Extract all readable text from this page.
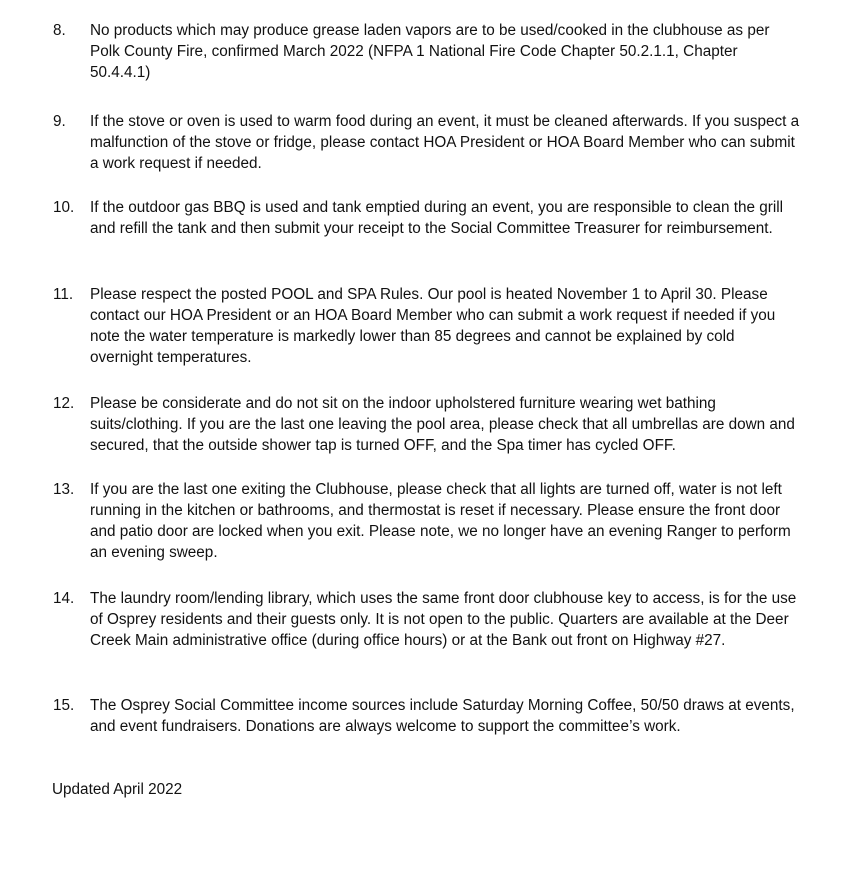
8. No products which may produce grease laden vapors are to be used/cooked in the clubhouse as per Polk County Fire, confirmed March 2022 (NFPA 1 National Fire Code Chapter 50.2.1.1, Chapter 50.4.4.1)
9. If the stove or oven is used to warm food during an event, it must be cleaned afterwards. If you suspect a malfunction of the stove or fridge, please contact HOA President or HOA Board Member who can submit a work request if needed.
10. If the outdoor gas BBQ is used and tank emptied during an event, you are responsible to clean the grill and refill the tank and then submit your receipt to the Social Committee Treasurer for reimbursement.
11. Please respect the posted POOL and SPA Rules. Our pool is heated November 1 to April 30. Please contact our HOA President or an HOA Board Member who can submit a work request if needed if you note the water temperature is markedly lower than 85 degrees and cannot be explained by cold overnight temperatures.
12. Please be considerate and do not sit on the indoor upholstered furniture wearing wet bathing suits/clothing. If you are the last one leaving the pool area, please check that all umbrellas are down and secured, that the outside shower tap is turned OFF, and the Spa timer has cycled OFF.
13. If you are the last one exiting the Clubhouse, please check that all lights are turned off, water is not left running in the kitchen or bathrooms, and thermostat is reset if necessary. Please ensure the front door and patio door are locked when you exit. Please note, we no longer have an evening Ranger to perform an evening sweep.
14. The laundry room/lending library, which uses the same front door clubhouse key to access, is for the use of Osprey residents and their guests only. It is not open to the public. Quarters are available at the Deer Creek Main administrative office (during office hours) or at the Bank out front on Highway #27.
15. The Osprey Social Committee income sources include Saturday Morning Coffee, 50/50 draws at events, and event fundraisers. Donations are always welcome to support the committee’s work.
Updated April 2022
